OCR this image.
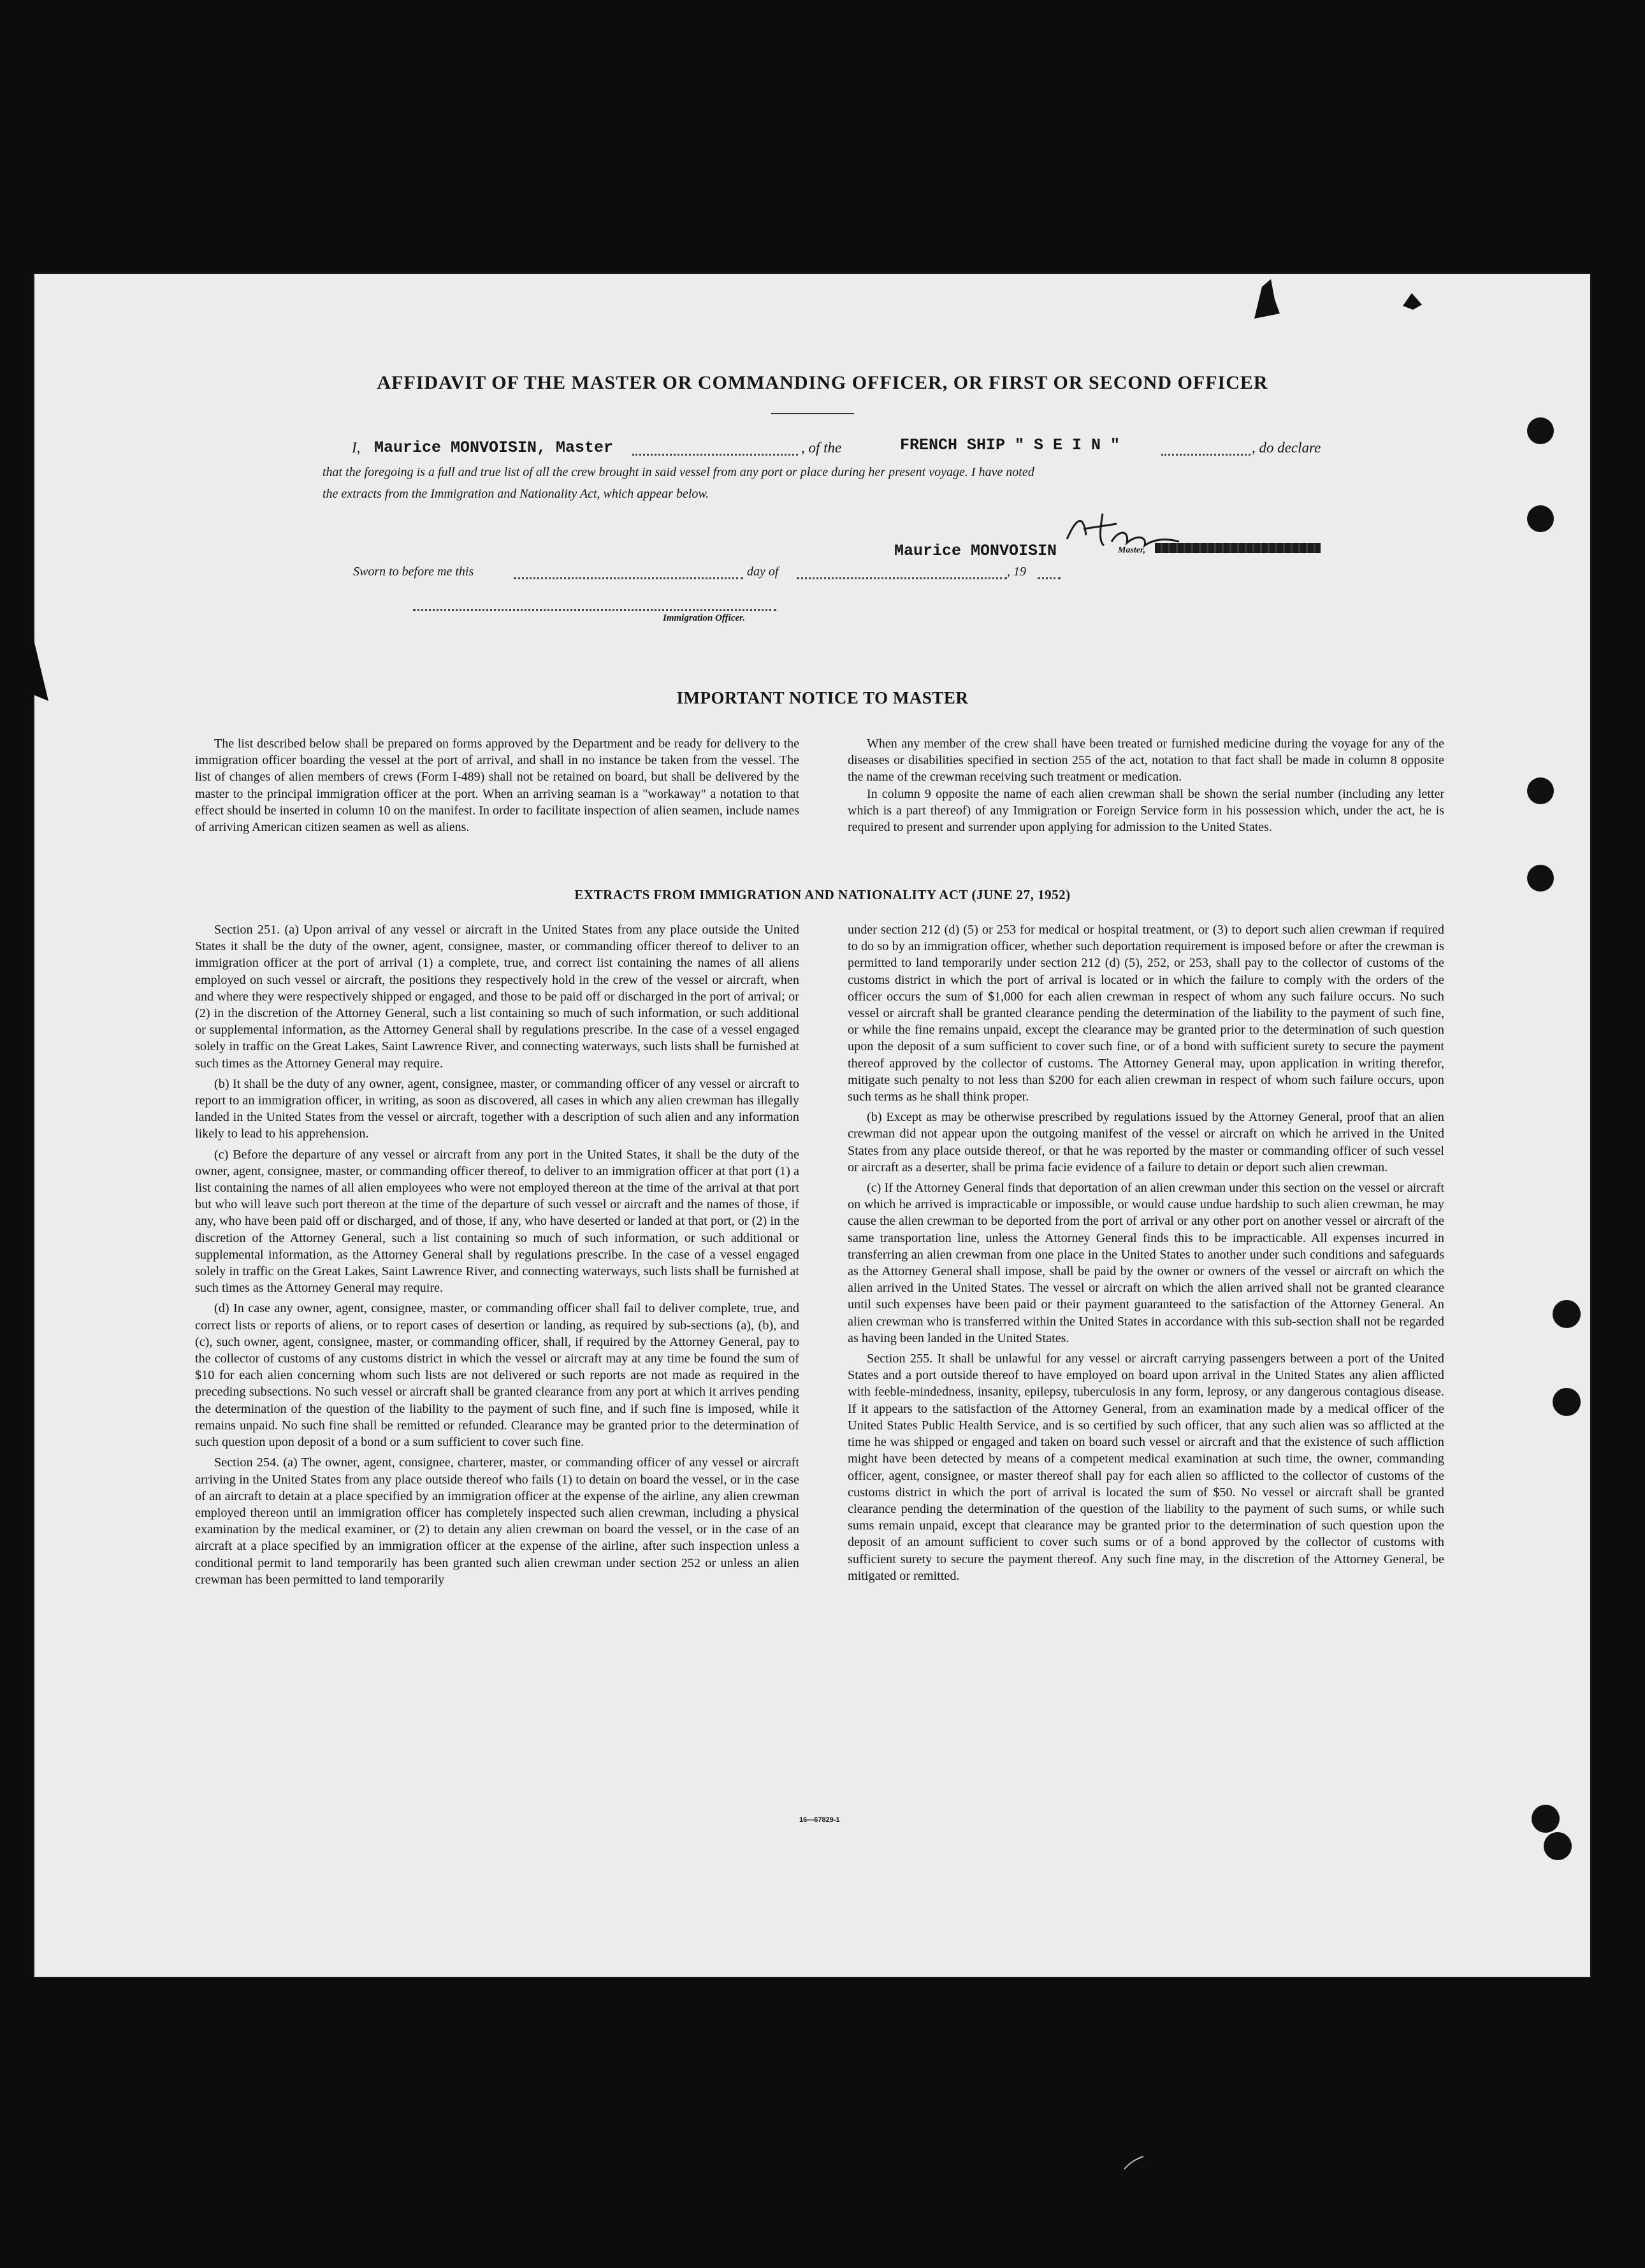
AFFIDAVIT OF THE MASTER OR COMMANDING OFFICER, OR FIRST OR SECOND OFFICER
I, Maurice MONVOISIN, Master	, of the	FRENCH SHIP " S E I N "	, do declare
that the foregoing is a full and true list of all the crew brought in said vessel from any port or place during her present voyage. I have noted
the extracts from the Immigration and Nationality Act, which appear below.
Maurice MONVOISIN	Master,
Sworn to before me this	day of	, 19
Immigration Officer.
IMPORTANT NOTICE TO MASTER

The list described below shall be prepared on forms approved by the Department and be ready for delivery to the immigration officer boarding the vessel at the port of arrival, and shall in no instance be taken from the vessel. The list of changes of alien members of crews (Form I-489) shall not be retained on board, but shall be delivered by the master to the principal immigration officer at the port. When an arriving seaman is a "workaway" a notation to that effect should be inserted in column 10 on the manifest. In order to facilitate inspection of alien seamen, include names of arriving American citizen seamen as well as aliens.

When any member of the crew shall have been treated or furnished medicine during the voyage for any of the diseases or disabilities specified in section 255 of the act, notation to that fact shall be made in column 8 opposite the name of the crewman receiving such treatment or medication.

In column 9 opposite the name of each alien crewman shall be shown the serial number (including any letter which is a part thereof) of any Immigration or Foreign Service form in his possession which, under the act, he is required to present and surrender upon applying for admission to the United States.

EXTRACTS FROM IMMIGRATION AND NATIONALITY ACT (JUNE 27, 1952)

Section 251. (a) Upon arrival of any vessel or aircraft in the United States from any place outside the United States it shall be the duty of the owner, agent, consignee, master, or commanding officer thereof to deliver to an immigration officer at the port of arrival (1) a complete, true, and correct list containing the names of all aliens employed on such vessel or aircraft, the positions they respectively hold in the crew of the vessel or aircraft, when and where they were respectively shipped or engaged, and those to be paid off or discharged in the port of arrival; or (2) in the discretion of the Attorney General, such a list containing so much of such information, or such additional or supplemental information, as the Attorney General shall by regulations prescribe. In the case of a vessel engaged solely in traffic on the Great Lakes, Saint Lawrence River, and connecting waterways, such lists shall be furnished at such times as the Attorney General may require.

(b) It shall be the duty of any owner, agent, consignee, master, or commanding officer of any vessel or aircraft to report to an immigration officer, in writing, as soon as discovered, all cases in which any alien crewman has illegally landed in the United States from the vessel or aircraft, together with a description of such alien and any information likely to lead to his apprehension.

(c) Before the departure of any vessel or aircraft from any port in the United States, it shall be the duty of the owner, agent, consignee, master, or commanding officer thereof, to deliver to an immigration officer at that port (1) a list containing the names of all alien employees who were not employed thereon at the time of the arrival at that port but who will leave such port thereon at the time of the departure of such vessel or aircraft and the names of those, if any, who have been paid off or discharged, and of those, if any, who have deserted or landed at that port, or (2) in the discretion of the Attorney General, such a list containing so much of such information, or such additional or supplemental information, as the Attorney General shall by regulations prescribe. In the case of a vessel engaged solely in traffic on the Great Lakes, Saint Lawrence River, and connecting waterways, such lists shall be furnished at such times as the Attorney General may require.

(d) In case any owner, agent, consignee, master, or commanding officer shall fail to deliver complete, true, and correct lists or reports of aliens, or to report cases of desertion or landing, as required by sub-sections (a), (b), and (c), such owner, agent, consignee, master, or commanding officer, shall, if required by the Attorney General, pay to the collector of customs of any customs district in which the vessel or aircraft may at any time be found the sum of $10 for each alien concerning whom such lists are not delivered or such reports are not made as required in the preceding subsections. No such vessel or aircraft shall be granted clearance from any port at which it arrives pending the determination of the question of the liability to the payment of such fine, and if such fine is imposed, while it remains unpaid. No such fine shall be remitted or refunded. Clearance may be granted prior to the determination of such question upon deposit of a bond or a sum sufficient to cover such fine.

Section 254. (a) The owner, agent, consignee, charterer, master, or commanding officer of any vessel or aircraft arriving in the United States from any place outside thereof who fails (1) to detain on board the vessel, or in the case of an aircraft to detain at a place specified by an immigration officer at the expense of the airline, any alien crewman employed thereon until an immigration officer has completely inspected such alien crewman, including a physical examination by the medical examiner, or (2) to detain any alien crewman on board the vessel, or in the case of an aircraft at a place specified by an immigration officer at the expense of the airline, after such inspection unless a conditional permit to land temporarily has been granted such alien crewman under section 252 or unless an alien crewman has been permitted to land temporarily

under section 212 (d) (5) or 253 for medical or hospital treatment, or (3) to deport such alien crewman if required to do so by an immigration officer, whether such deportation requirement is imposed before or after the crewman is permitted to land temporarily under section 212 (d) (5), 252, or 253, shall pay to the collector of customs of the customs district in which the port of arrival is located or in which the failure to comply with the orders of the officer occurs the sum of $1,000 for each alien crewman in respect of whom any such failure occurs. No such vessel or aircraft shall be granted clearance pending the determination of the liability to the payment of such fine, or while the fine remains unpaid, except the clearance may be granted prior to the determination of such question upon the deposit of a sum sufficient to cover such fine, or of a bond with sufficient surety to secure the payment thereof approved by the collector of customs. The Attorney General may, upon application in writing therefor, mitigate such penalty to not less than $200 for each alien crewman in respect of whom such failure occurs, upon such terms as he shall think proper.

(b) Except as may be otherwise prescribed by regulations issued by the Attorney General, proof that an alien crewman did not appear upon the outgoing manifest of the vessel or aircraft on which he arrived in the United States from any place outside thereof, or that he was reported by the master or commanding officer of such vessel or aircraft as a deserter, shall be prima facie evidence of a failure to detain or deport such alien crewman.

(c) If the Attorney General finds that deportation of an alien crewman under this section on the vessel or aircraft on which he arrived is impracticable or impossible, or would cause undue hardship to such alien crewman, he may cause the alien crewman to be deported from the port of arrival or any other port on another vessel or aircraft of the same transportation line, unless the Attorney General finds this to be impracticable. All expenses incurred in transferring an alien crewman from one place in the United States to another under such conditions and safeguards as the Attorney General shall impose, shall be paid by the owner or owners of the vessel or aircraft on which the alien arrived in the United States. The vessel or aircraft on which the alien arrived shall not be granted clearance until such expenses have been paid or their payment guaranteed to the satisfaction of the Attorney General. An alien crewman who is transferred within the United States in accordance with this sub-section shall not be regarded as having been landed in the United States.

Section 255. It shall be unlawful for any vessel or aircraft carrying passengers between a port of the United States and a port outside thereof to have employed on board upon arrival in the United States any alien afflicted with feeble-mindedness, insanity, epilepsy, tuberculosis in any form, leprosy, or any dangerous contagious disease. If it appears to the satisfaction of the Attorney General, from an examination made by a medical officer of the United States Public Health Service, and is so certified by such officer, that any such alien was so afflicted at the time he was shipped or engaged and taken on board such vessel or aircraft and that the existence of such affliction might have been detected by means of a competent medical examination at such time, the owner, commanding officer, agent, consignee, or master thereof shall pay for each alien so afflicted to the collector of customs of the customs district in which the port of arrival is located the sum of $50. No vessel or aircraft shall be granted clearance pending the determination of the question of the liability to the payment of such sums, or while such sums remain unpaid, except that clearance may be granted prior to the determination of such question upon the deposit of an amount sufficient to cover such sums or of a bond approved by the collector of customs with sufficient surety to secure the payment thereof. Any such fine may, in the discretion of the Attorney General, be mitigated or remitted.

16—67829-1
